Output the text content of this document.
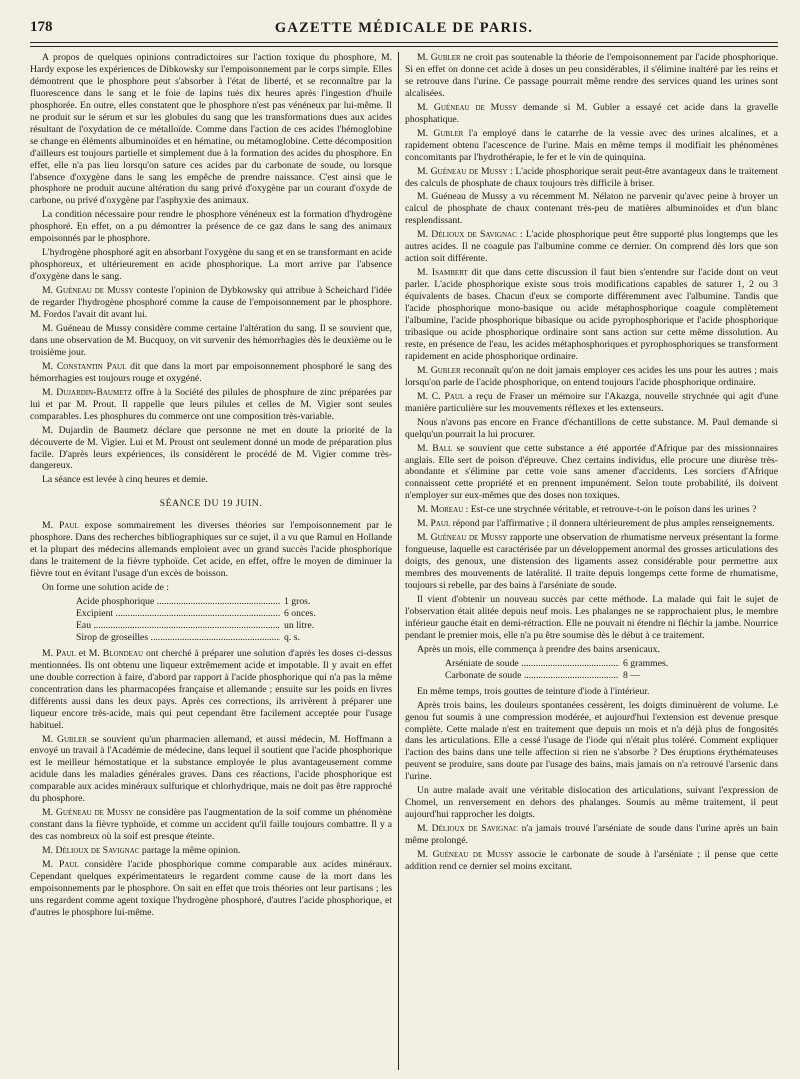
178	GAZETTE MÉDICALE DE PARIS.

A propos de quelques opinions contradictoires sur l'action toxique du phosphore, M. Hardy expose les expériences de Dibkowsky sur l'empoisonnement par le corps simple. Elles démontrent que le phosphore peut s'absorber à l'état de liberté, et se reconnaître par la fluorescence dans le sang et le foie de lapins tués dix heures après l'ingestion d'huile phosphorée. En outre, elles constatent que le phosphore n'est pas vénéneux par lui-même. Il ne produit sur le sérum et sur les globules du sang que les transformations dues aux acides résultant de l'oxydation de ce métalloïde. Comme dans l'action de ces acides l'hémoglobine se change en éléments albuminoïdes et en hématine, ou métamoglobine. Cette décomposition d'ailleurs est toujours partielle et simplement due à la formation des acides du phosphore. En effet, elle n'a pas lieu lorsqu'on sature ces acides par du carbonate de soude, ou lorsque l'absence d'oxygène dans le sang les empêche de prendre naissance. C'est ainsi que le phosphore ne produit aucune altération du sang privé d'oxygène par un courant d'oxyde de carbone, ou privé d'oxygène par l'asphyxie des animaux.

La condition nécessaire pour rendre le phosphore vénéneux est la formation d'hydrogène phosphoré. En effet, on a pu démontrer la présence de ce gaz dans le sang des animaux empoisonnés par le phosphore.

L'hydrogène phosphoré agit en absorbant l'oxygène du sang et en se transformant en acide phosphoreux, et ultérieurement en acide phosphorique. La mort arrive par l'absence d'oxygène dans le sang.

M. Guéneau de Mussy conteste l'opinion de Dybkowsky qui attribue à Scheichard l'idée de regarder l'hydrogène phosphoré comme la cause de l'empoisonnement par le phosphore. M. Fordos l'avait dit avant lui.

M. Guéneau de Mussy considère comme certaine l'altération du sang. Il se souvient que, dans une observation de M. Bucquoy, on vit survenir des hémorrhagies dès le deuxième ou le troisième jour.

M. Constantin Paul dit que dans la mort par empoisonnement phosphoré le sang des hémorrhagies est toujours rouge et oxygéné.

M. Dujardin-Baumetz offre à la Société des pilules de phosphure de zinc préparées par lui et par M. Prout. Il rappelle que leurs pilules et celles de M. Vigier sont seules comparables. Les phosphures du commerce ont une composition très-variable.

M. Dujardin de Baumetz déclare que personne ne met en doute la priorité de la découverte de M. Vigier. Lui et M. Proust ont seulement donné un mode de préparation plus facile. D'après leurs expériences, ils considèrent le procédé de M. Vigier comme très-dangereux.

La séance est levée à cinq heures et demie.

SÉANCE DU 19 JUIN.

M. Paul expose sommairement les diverses théories sur l'empoisonnement par le phosphore. Dans des recherches bibliographiques sur ce sujet, il a vu que Ramul en Hollande et la plupart des médecins allemands emploient avec un grand succès l'acide phosphorique dans le traitement de la fièvre typhoïde. Cet acide, en effet, offre le moyen de diminuer la fièvre tout en évitant l'usage d'un excès de boisson.

On forme une solution acide de :

Acide phosphorique .....	1 gros.
Excipient .....	6 onces.
Eau .....	un litre.
Sirop de groseilles .....	q. s.

M. Paul et M. Blondeau ont cherché à préparer une solution d'après les doses ci-dessus mentionnées. Ils ont obtenu une liqueur extrêmement acide et impotable. Il y avait en effet une double correction à faire, d'abord par rapport à l'acide phosphorique qui n'a pas la même concentration dans les pharmacopées française et allemande ; ensuite sur les poids en livres différents aussi dans les deux pays. Après ces corrections, ils arrivèrent à préparer une liqueur encore très-acide, mais qui peut cependant être facilement acceptée pour l'usage habituel.

M. Gubler se souvient qu'un pharmacien allemand, et aussi médecin, M. Hoffmann a envoyé un travail à l'Académie de médecine, dans lequel il soutient que l'acide phosphorique est le meilleur hémostatique et la substance employée le plus avantageusement comme acidule dans les maladies générales graves. Dans ces réactions, l'acide phosphorique est comparable aux acides minéraux sulfurique et chlorhydrique, mais ne doit pas être rapproché du phosphore.

M. Guéneau de Mussy ne considère pas l'augmentation de la soif comme un phénomène constant dans la fièvre typhoïde, et comme un accident qu'il faille toujours combattre. Il y a des cas nombreux où la soif est presque éteinte.

M. Délioux de Savignac partage la même opinion.

M. Paul considère l'acide phosphorique comme comparable aux acides minéraux. Cependant quelques expérimentateurs le regardent comme cause de la mort dans les empoisonnements par le phosphore. On sait en effet que trois théories ont leur partisans ; les uns regardent comme agent toxique l'hydrogène phosphoré, d'autres l'acide phosphorique, et d'autres le phosphore lui-même.

M. Gubler ne croit pas soutenable la théorie de l'empoisonnement par l'acide phosphorique. Si en effet on donne cet acide à doses un peu considérables, il s'élimine inaltéré par les reins et se retrouve dans l'urine. Ce passage pourrait même rendre des services quand les urines sont alcalisées.

M. Guéneau de Mussy demande si M. Gubler a essayé cet acide dans la gravelle phosphatique.

M. Gubler l'a employé dans le catarrhe de la vessie avec des urines alcalines, et a rapidement obtenu l'acescence de l'urine. Mais en même temps il modifiait les phénomènes concomitants par l'hydrothérapie, le fer et le vin de quinquina.

M. Guéneau de Mussy : L'acide phosphorique serait peut-être avantageux dans le traitement des calculs de phosphate de chaux toujours très difficile à briser.

M. Guéneau de Mussy a vu récemment M. Nélaton ne parvenir qu'avec peine à broyer un calcul de phosphate de chaux contenant très-peu de matières albuminoïdes et d'un blanc resplendissant.

M. Délioux de Savignac : L'acide phosphorique peut être supporté plus longtemps que les autres acides. Il ne coagule pas l'albumine comme ce dernier. On comprend dès lors que son action soit différente.

M. Isambert dit que dans cette discussion il faut bien s'entendre sur l'acide dont on veut parler. L'acide phosphorique existe sous trois modifications capables de saturer 1, 2 ou 3 équivalents de bases. Chacun d'eux se comporte différemment avec l'albumine. Tandis que l'acide phosphorique mono-basique ou acide métaphosphorique coagule complètement l'albumine, l'acide phosphorique bibasique ou acide pyrophosphorique et l'acide phosphorique tribasique ou acide phosphorique ordinaire sont sans action sur cette même dissolution. Au reste, en présence de l'eau, les acides métaphosphoriques et pyrophosphoriques se transforment rapidement en acide phosphorique ordinaire.

M. Gubler reconnaît qu'on ne doit jamais employer ces acides les uns pour les autres ; mais lorsqu'on parle de l'acide phosphorique, on entend toujours l'acide phosphorique ordinaire.

M. C. Paul a reçu de Fraser un mémoire sur l'Akazga, nouvelle strychnée qui agit d'une manière particulière sur les mouvements réflexes et les extenseurs.

Nous n'avons pas encore en France d'échantillons de cette substance. M. Paul demande si quelqu'un pourrait la lui procurer.

M. Ball se souvient que cette substance a été apportée d'Afrique par des missionnaires anglais. Elle sert de poison d'épreuve. Chez certains individus, elle procure une diurèse très-abondante et s'élimine par cette voie sans amener d'accidents. Les sorciers d'Afrique connaissent cette propriété et en prennent impunément. Selon toute probabilité, ils doivent n'employer sur eux-mêmes que des doses non toxiques.

M. Moreau : Est-ce une strychnée véritable, et retrouve-t-on le poison dans les urines ?

M. Paul répond par l'affirmative ; il donnera ultérieurement de plus amples renseignements.

M. Guéneau de Mussy rapporte une observation de rhumatisme nerveux présentant la forme fongueuse, laquelle est caractérisée par un développement anormal des grosses articulations des doigts, des genoux, une distension des ligaments assez considérable pour permettre aux membres des mouvements de latéralité. Il traite depuis longemps cette forme de rhumatisme, toujours si rebelle, par des bains à l'arséniate de soude.

Il vient d'obtenir un nouveau succès par cette méthode. La malade qui fait le sujet de l'observation était alitée depuis neuf mois. Les phalanges ne se rapprochaient plus, le membre inférieur gauche était en demi-rétraction. Elle ne pouvait ni étendre ni fléchir la jambe. Nourrice pendant le premier mois, elle n'a pu être soumise dès le début à ce traitement.

Après un mois, elle commença à prendre des bains arsenicaux.

Arséniate de soude .....	6 grammes.
Carbonate de soude .....	8 —

En même temps, trois gouttes de teinture d'iode à l'intérieur.

Après trois bains, les douleurs spontanées cessèrent, les doigts diminuèrent de volume. Le genou fut soumis à une compression modérée, et aujourd'hui l'extension est devenue presque complète. Cette malade n'est en traitement que depuis un mois et n'a déjà plus de fongosités dans les articulations. Elle a cessé l'usage de l'iode qui n'était plus toléré. Comment expliquer l'action des bains dans une telle affection si rien ne s'absorbe ? Des éruptions érythémateuses peuvent se produire, sans doute par l'usage des bains, mais jamais on n'a retrouvé l'arsenic dans l'urine.

Un autre malade avait une véritable dislocation des articulations, suivant l'expression de Chomel, un renversement en dehors des phalanges. Soumis au même traitement, il peut aujourd'hui rapprocher les doigts.

M. Délioux de Savignac n'a jamais trouvé l'arséniate de soude dans l'urine après un bain même prolongé.

M. Guéneau de Mussy associe le carbonate de soude à l'arséniate ; il pense que cette addition rend ce dernier sel moins excitant.
